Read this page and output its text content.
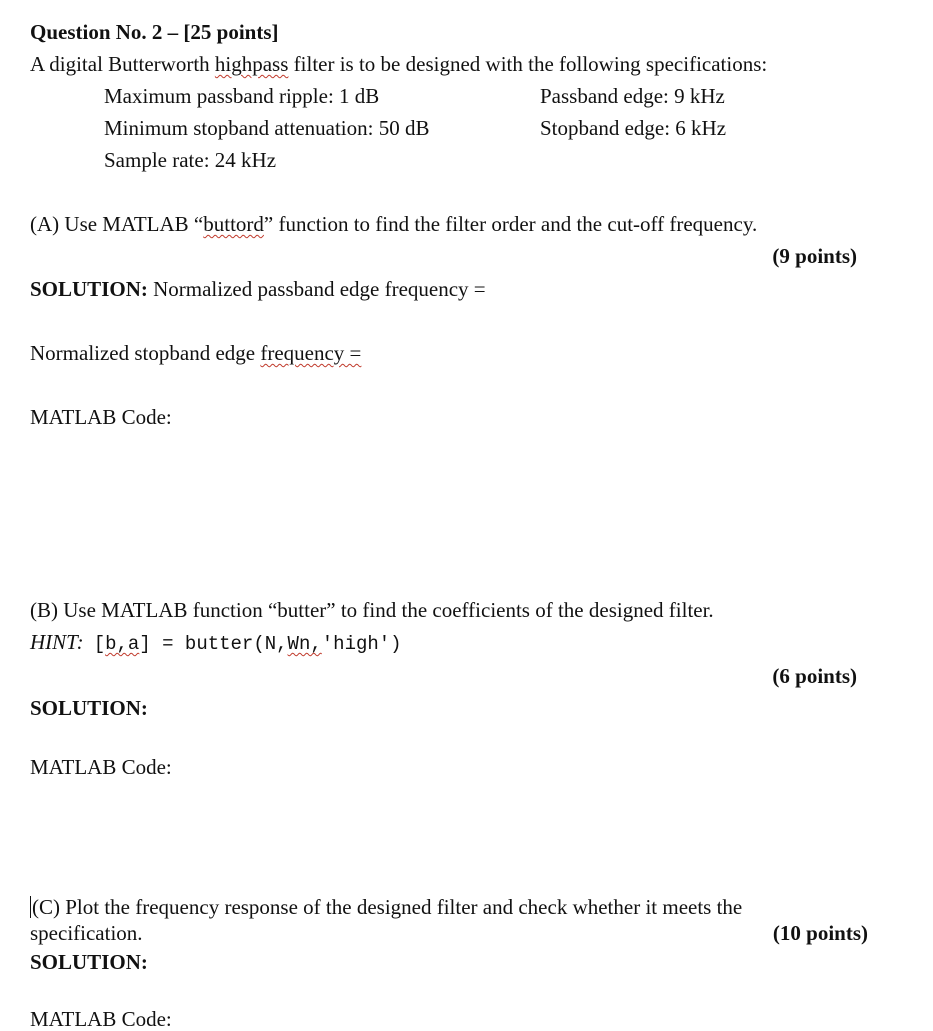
Question No. 2 – [25 points]
A digital Butterworth highpass filter is to be designed with the following specifications:
Maximum passband ripple: 1 dB	Passband edge: 9 kHz
Minimum stopband attenuation: 50 dB	Stopband edge: 6 kHz
Sample rate: 24 kHz
(A) Use MATLAB “buttord” function to find the filter order and the cut-off frequency.
(9 points)
SOLUTION: Normalized passband edge frequency =
Normalized stopband edge frequency =
MATLAB Code:
(B) Use MATLAB function “butter” to find the coefficients of the designed filter.
HINT: [b,a] = butter(N,Wn,'high')
(6 points)
SOLUTION:
MATLAB Code:
(C) Plot the frequency response of the designed filter and check whether it meets the
specification.	(10 points)
SOLUTION:
MATLAB Code:
